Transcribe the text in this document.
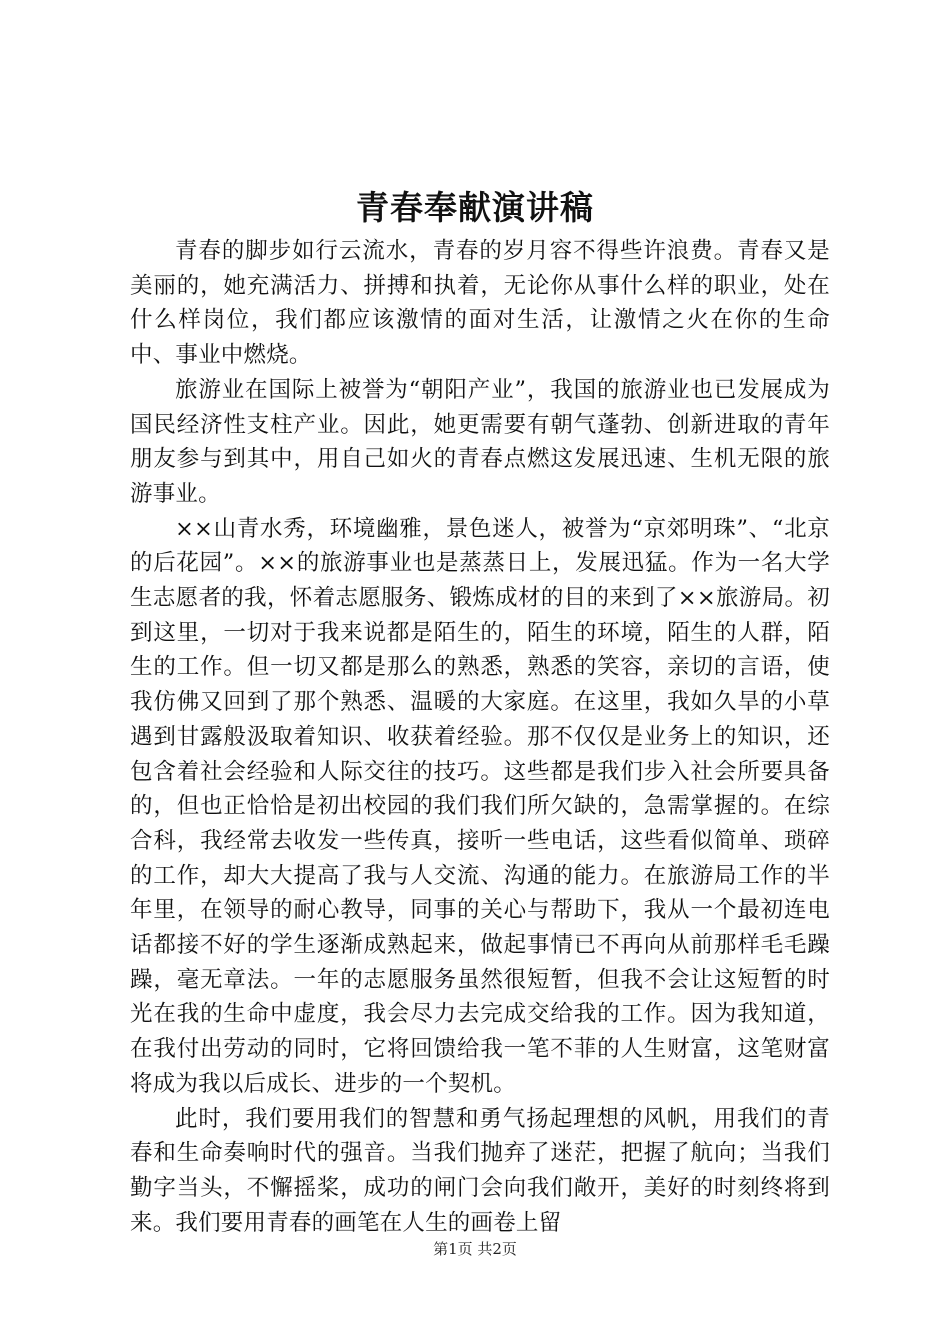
青春奉献演讲稿

青春的脚步如行云流水，青春的岁月容不得些许浪费。青春又是美丽的，她充满活力、拼搏和执着，无论你从事什么样的职业，处在什么样岗位，我们都应该激情的面对生活，让激情之火在你的生命中、事业中燃烧。

旅游业在国际上被誉为“朝阳产业”，我国的旅游业也已发展成为国民经济性支柱产业。因此，她更需要有朝气蓬勃、创新进取的青年朋友参与到其中，用自己如火的青春点燃这发展迅速、生机无限的旅游事业。

××山青水秀，环境幽雅，景色迷人，被誉为“京郊明珠”、“北京的后花园”。××的旅游事业也是蒸蒸日上，发展迅猛。作为一名大学生志愿者的我，怀着志愿服务、锻炼成材的目的来到了××旅游局。初到这里，一切对于我来说都是陌生的，陌生的环境，陌生的人群，陌生的工作。但一切又都是那么的熟悉，熟悉的笑容，亲切的言语，使我仿佛又回到了那个熟悉、温暖的大家庭。在这里，我如久旱的小草遇到甘露般汲取着知识、收获着经验。那不仅仅是业务上的知识，还包含着社会经验和人际交往的技巧。这些都是我们步入社会所要具备的，但也正恰恰是初出校园的我们我们所欠缺的，急需掌握的。在综合科，我经常去收发一些传真，接听一些电话，这些看似简单、琐碎的工作，却大大提高了我与人交流、沟通的能力。在旅游局工作的半年里，在领导的耐心教导，同事的关心与帮助下，我从一个最初连电话都接不好的学生逐渐成熟起来，做起事情已不再向从前那样毛毛躁躁，毫无章法。一年的志愿服务虽然很短暂，但我不会让这短暂的时光在我的生命中虚度，我会尽力去完成交给我的工作。因为我知道，在我付出劳动的同时，它将回馈给我一笔不菲的人生财富，这笔财富将成为我以后成长、进步的一个契机。

此时，我们要用我们的智慧和勇气扬起理想的风帆，用我们的青春和生命奏响时代的强音。当我们抛弃了迷茫，把握了航向；当我们勤字当头，不懈摇桨，成功的闸门会向我们敞开，美好的时刻终将到来。我们要用青春的画笔在人生的画卷上留

第1页 共2页
